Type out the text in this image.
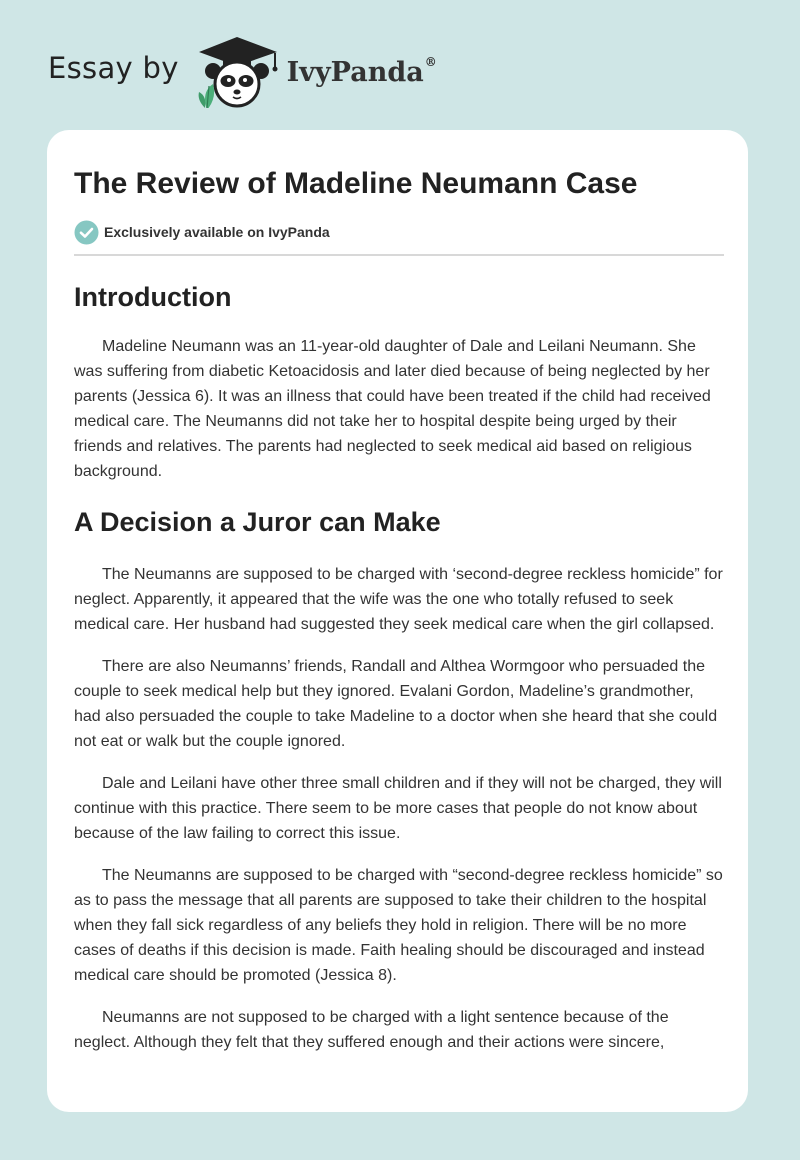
Essay by	IvyPanda®
The Review of Madeline Neumann Case
Exclusively available on IvyPanda
Introduction

Madeline Neumann was an 11-year-old daughter of Dale and Leilani Neumann. She was suffering from diabetic Ketoacidosis and later died because of being neglected by her parents (Jessica 6). It was an illness that could have been treated if the child had received medical care. The Neumanns did not take her to hospital despite being urged by their friends and relatives. The parents had neglected to seek medical aid based on religious background.

A Decision a Juror can Make

The Neumanns are supposed to be charged with ‘second-degree reckless homicide” for neglect. Apparently, it appeared that the wife was the one who totally refused to seek medical care. Her husband had suggested they seek medical care when the girl collapsed.

There are also Neumanns’ friends, Randall and Althea Wormgoor who persuaded the couple to seek medical help but they ignored. Evalani Gordon, Madeline’s grandmother, had also persuaded the couple to take Madeline to a doctor when she heard that she could not eat or walk but the couple ignored.

Dale and Leilani have other three small children and if they will not be charged, they will continue with this practice. There seem to be more cases that people do not know about because of the law failing to correct this issue.

The Neumanns are supposed to be charged with “second-degree reckless homicide” so as to pass the message that all parents are supposed to take their children to the hospital when they fall sick regardless of any beliefs they hold in religion. There will be no more cases of deaths if this decision is made. Faith healing should be discouraged and instead medical care should be promoted (Jessica 8).

Neumanns are not supposed to be charged with a light sentence because of the neglect. Although they felt that they suffered enough and their actions were sincere,
